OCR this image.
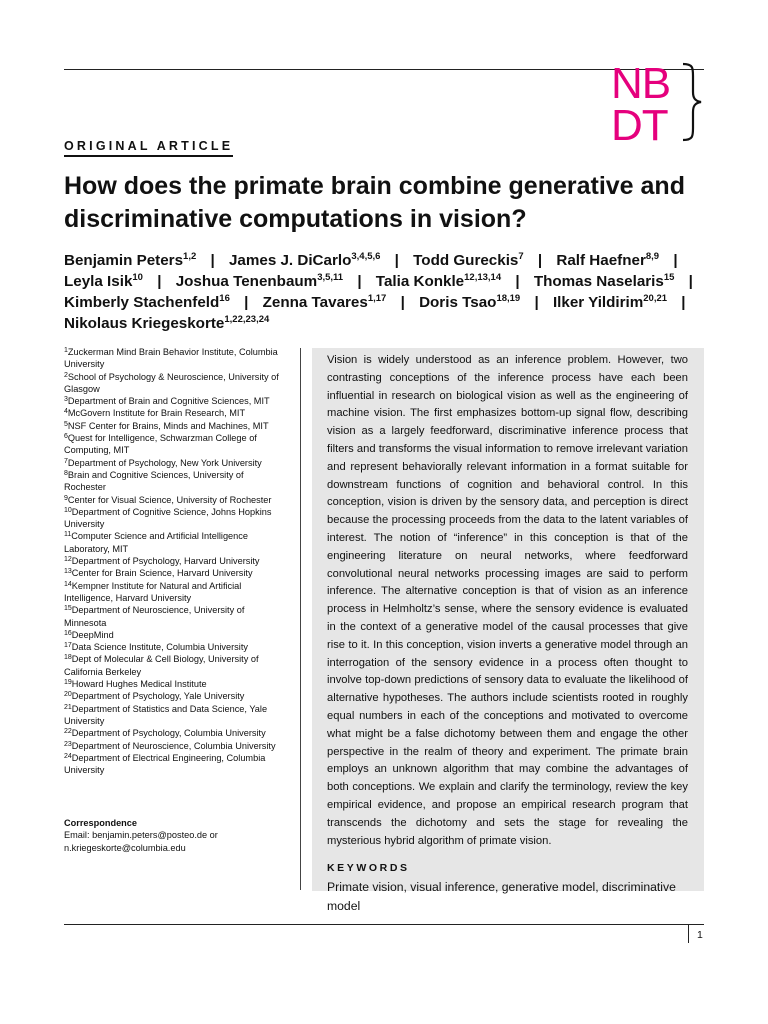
NB
DT
ORIGINAL ARTICLE
How does the primate brain combine generative and discriminative computations in vision?

Benjamin Peters$^{1,2}$ | James J. DiCarlo$^{3,4,5,6}$ | Todd Gureckis$^7$ | Ralf Haefner$^{8,9}$ | Leyla Isik$^{10}$ | Joshua Tenenbaum$^{3,5,11}$ | Talia Konkle$^{12,13,14}$ | Thomas Naselaris$^{15}$ | Kimberly Stachenfeld$^{16}$ | Zenna Tavares$^{1,17}$ | Doris Tsao$^{18,19}$ | Ilker Yildirim$^{20,21}$ | Nikolaus Kriegeskorte$^{1,22,23,24}$

$^1$Zuckerman Mind Brain Behavior Institute, Columbia University

$^2$School of Psychology & Neuroscience, University of Glasgow

$^3$Department of Brain and Cognitive Sciences, MIT

$^4$McGovern Institute for Brain Research, MIT

$^5$NSF Center for Brains, Minds and Machines, MIT

$^6$Quest for Intelligence, Schwarzman College of Computing, MIT

$^7$Department of Psychology, New York University

$^8$Brain and Cognitive Sciences, University of Rochester

$^9$Center for Visual Science, University of Rochester

$^{10}$Department of Cognitive Science, Johns Hopkins University

$^{11}$Computer Science and Artificial Intelligence Laboratory, MIT

$^{12}$Department of Psychology, Harvard University

$^{13}$Center for Brain Science, Harvard University

$^{14}$Kempner Institute for Natural and Artificial Intelligence, Harvard University

$^{15}$Department of Neuroscience, University of Minnesota

$^{16}$DeepMind

$^{17}$Data Science Institute, Columbia University

$^{18}$Dept of Molecular & Cell Biology, University of California Berkeley

$^{19}$Howard Hughes Medical Institute

$^{20}$Department of Psychology, Yale University

$^{21}$Department of Statistics and Data Science, Yale University

$^{22}$Department of Psychology, Columbia University

$^{23}$Department of Neuroscience, Columbia University

$^{24}$Department of Electrical Engineering, Columbia University

Correspondence
Email: benjamin.peters@posteo.de or
n.kriegeskorte@columbia.edu

Vision is widely understood as an inference problem. However, two contrasting conceptions of the inference process have each been influential in research on biological vision as well as the engineering of machine vision. The first emphasizes bottom-up signal flow, describing vision as a largely feedforward, discriminative inference process that filters and transforms the visual information to remove irrelevant variation and represent behaviorally relevant information in a format suitable for downstream functions of cognition and behavioral control. In this conception, vision is driven by the sensory data, and perception is direct because the processing proceeds from the data to the latent variables of interest. The notion of “inference” in this conception is that of the engineering literature on neural networks, where feedforward convolutional neural networks processing images are said to perform inference. The alternative conception is that of vision as an inference process in Helmholtz’s sense, where the sensory evidence is evaluated in the context of a generative model of the causal processes that give rise to it. In this conception, vision inverts a generative model through an interrogation of the sensory evidence in a process often thought to involve top-down predictions of sensory data to evaluate the likelihood of alternative hypotheses. The authors include scientists rooted in roughly equal numbers in each of the conceptions and motivated to overcome what might be a false dichotomy between them and engage the other perspective in the realm of theory and experiment. The primate brain employs an unknown algorithm that may combine the advantages of both conceptions. We explain and clarify the terminology, review the key empirical evidence, and propose an empirical research program that transcends the dichotomy and sets the stage for revealing the mysterious hybrid algorithm of primate vision.

KEYWORDS
Primate vision, visual inference, generative model, discriminative model
1
